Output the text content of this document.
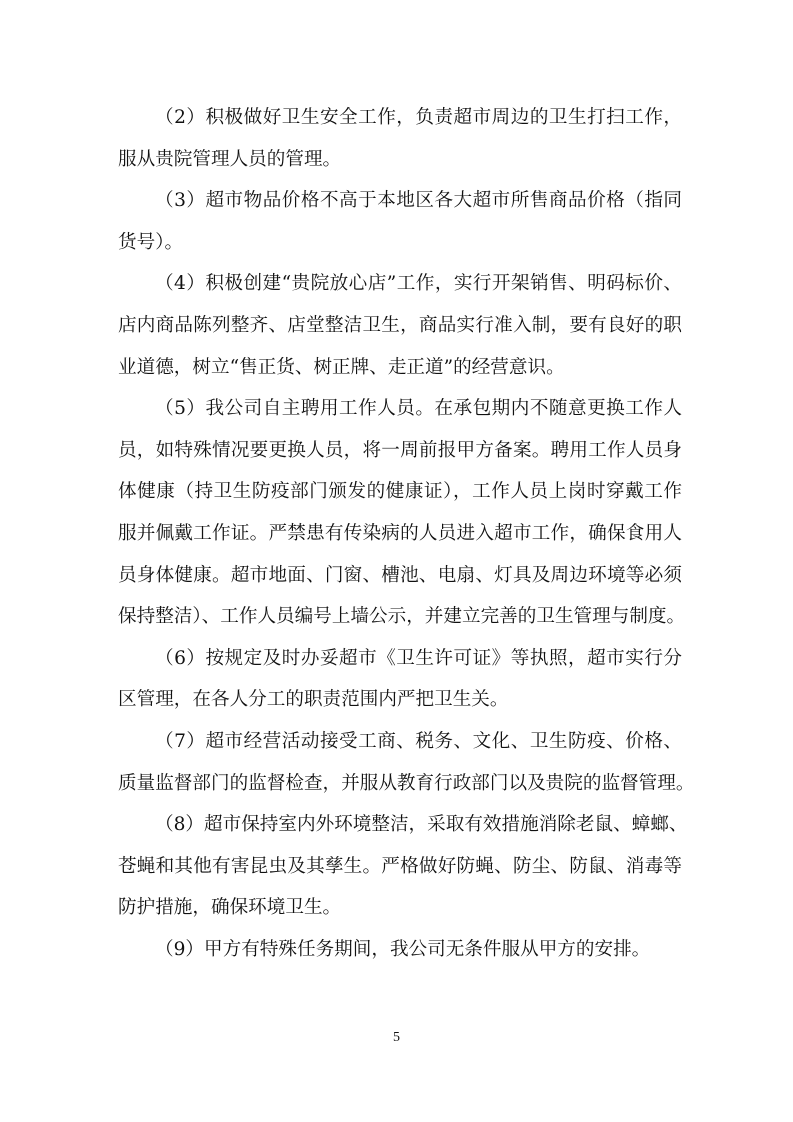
（2）积极做好卫生安全工作，负责超市周边的卫生打扫工作，
服从贵院管理人员的管理。
（3）超市物品价格不高于本地区各大超市所售商品价格（指同
货号）。
（4）积极创建“贵院放心店”工作，实行开架销售、明码标价、
店内商品陈列整齐、店堂整洁卫生，商品实行准入制，要有良好的职
业道德，树立“售正货、树正牌、走正道”的经营意识。
（5）我公司自主聘用工作人员。在承包期内不随意更换工作人
员，如特殊情况要更换人员，将一周前报甲方备案。聘用工作人员身
体健康（持卫生防疫部门颁发的健康证），工作人员上岗时穿戴工作
服并佩戴工作证。严禁患有传染病的人员进入超市工作，确保食用人
员身体健康。超市地面、门窗、槽池、电扇、灯具及周边环境等必须
保持整洁）、工作人员编号上墙公示，并建立完善的卫生管理与制度。
（6）按规定及时办妥超市《卫生许可证》等执照，超市实行分
区管理，在各人分工的职责范围内严把卫生关。
（7）超市经营活动接受工商、税务、文化、卫生防疫、价格、
质量监督部门的监督检查，并服从教育行政部门以及贵院的监督管理。
（8）超市保持室内外环境整洁，采取有效措施消除老鼠、蟑螂、
苍蝇和其他有害昆虫及其孳生。严格做好防蝇、防尘、防鼠、消毒等
防护措施，确保环境卫生。
（9）甲方有特殊任务期间，我公司无条件服从甲方的安排。
5
